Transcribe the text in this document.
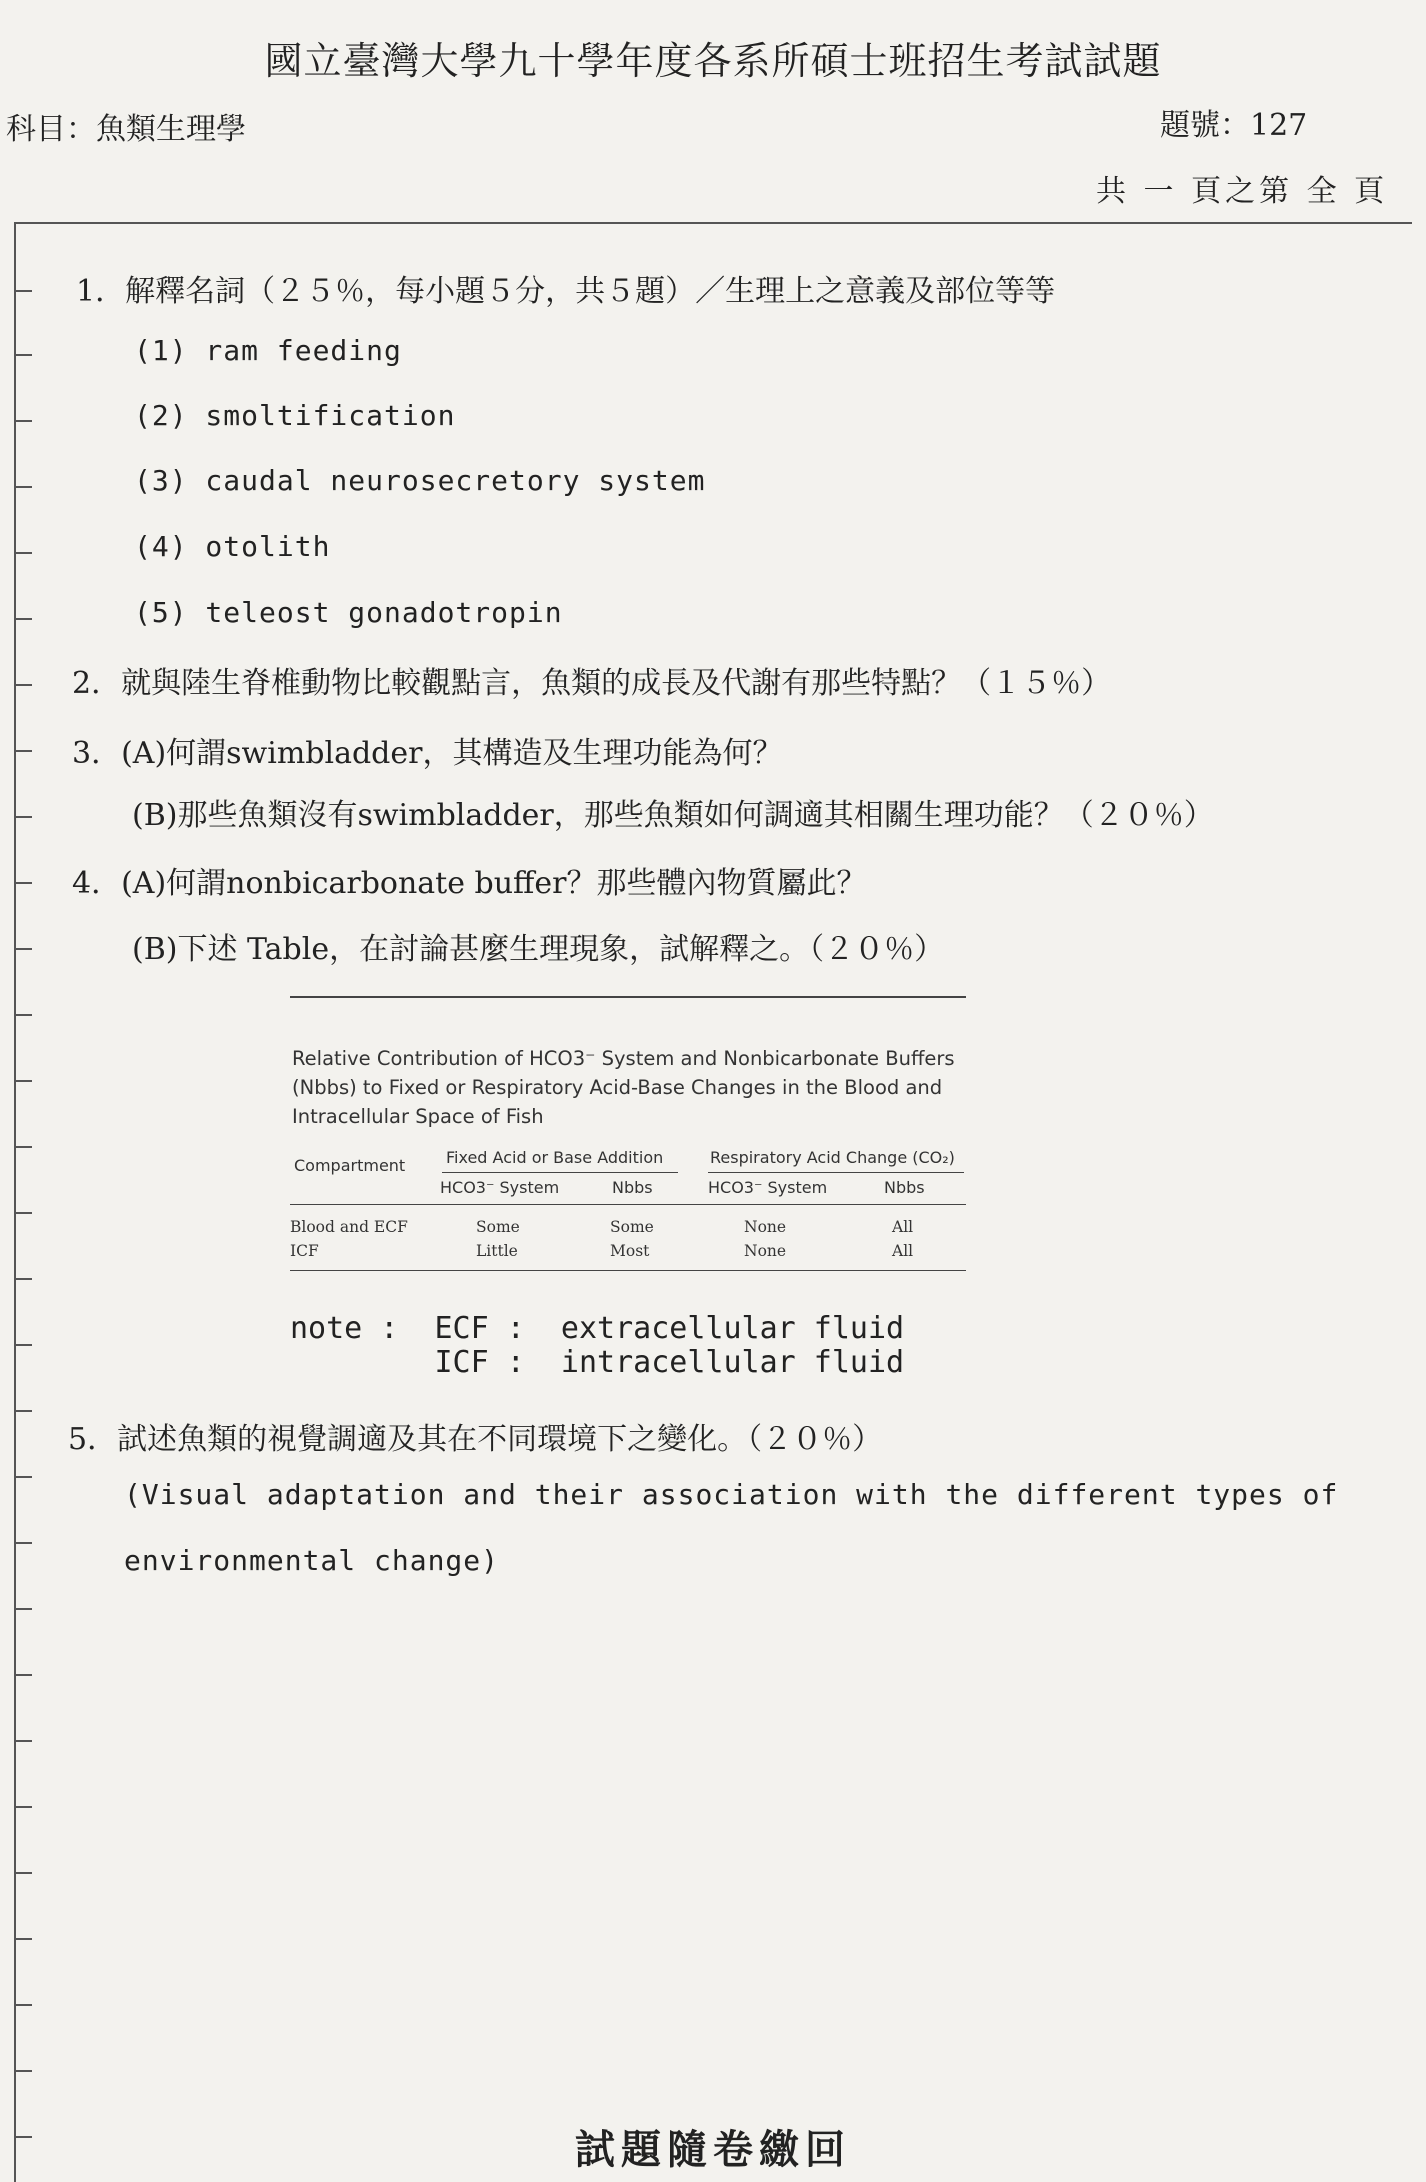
國立臺灣大學九十學年度各系所碩士班招生考試試題
科目：魚類生理學	題號：127
共 一 頁之第 全 頁
1．解釋名詞（２５％，每小題５分，共５題）／生理上之意義及部位等等
(1) ram feeding
(2) smoltification
(3) caudal neurosecretory system
(4) otolith
(5) teleost gonadotropin
2．就與陸生脊椎動物比較觀點言，魚類的成長及代謝有那些特點？（１５％）
3．(A)何謂swimbladder，其構造及生理功能為何？
(B)那些魚類沒有swimbladder，那些魚類如何調適其相關生理功能？（２０％）
4．(A)何謂nonbicarbonate buffer？那些體內物質屬此？
(B)下述 Table，在討論甚麼生理現象，試解釋之。（２０％）
Relative Contribution of HCO3⁻ System and Nonbicarbonate Buffers (Nbbs) to Fixed or Respiratory Acid-Base Changes in the Blood and Intracellular Space of Fish
Compartment	Fixed Acid or Base Addition	Respiratory Acid Change (CO₂)
HCO3⁻ System	Nbbs	HCO3⁻ System	Nbbs
Blood and ECF	Some	Some	None	All
ICF	Little	Most	None	All
note :  ECF :  extracellular fluid
ICF :  intracellular fluid
5．試述魚類的視覺調適及其在不同環境下之變化。（２０％）
(Visual adaptation and their association with the different types of
environmental change)
試題隨卷繳回
